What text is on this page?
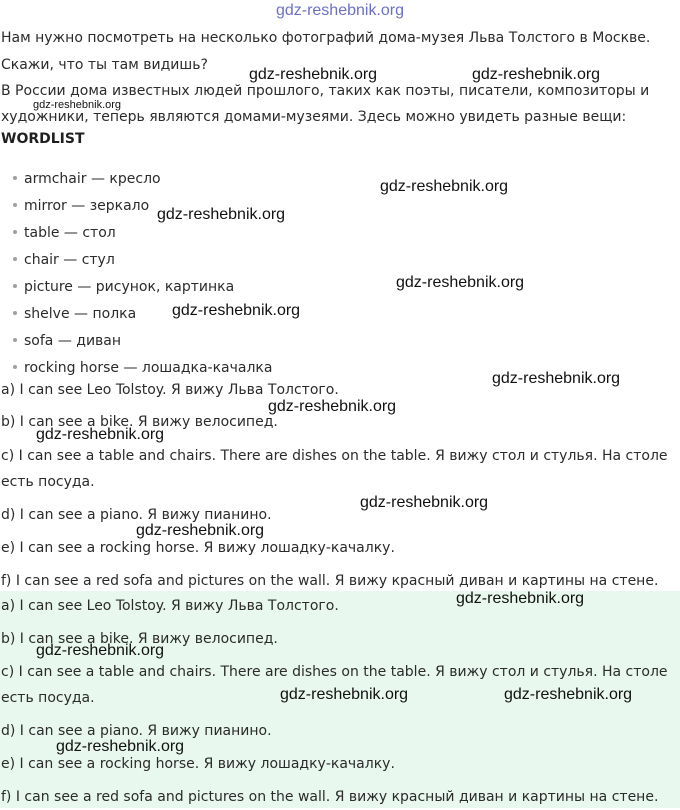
gdz-reshebnik.org

Нам нужно посмотреть на несколько фотографий дома-музея Льва Толстого в Москве.

Скажи, что ты там видишь?

В России дома известных людей прошлого, таких как поэты, писатели, композиторы и

художники, теперь являются домами-музеями. Здесь можно увидеть разные вещи:

WORDLIST
armchair — кресло
mirror — зеркало
table — стол
chair — стул
picture — рисунок, картинка
shelve — полка
sofa — диван
rocking horse — лошадка-качалка

a) I can see Leo Tolstoy. Я вижу Льва Толстого.

b) I can see a bike. Я вижу велосипед.

c) I can see a table and chairs. There are dishes on the table. Я вижу стол и стулья. На столе

есть посуда.

d) I can see a piano. Я вижу пианино.

e) I can see a rocking horse. Я вижу лошадку-качалку.

f) I can see a red sofa and pictures on the wall. Я вижу красный диван и картины на стене.

a) I can see Leo Tolstoy. Я вижу Льва Толстого.

b) I can see a bike. Я вижу велосипед.

c) I can see a table and chairs. There are dishes on the table. Я вижу стол и стулья. На столе

есть посуда.

d) I can see a piano. Я вижу пианино.

e) I can see a rocking horse. Я вижу лошадку-качалку.

f) I can see a red sofa and pictures on the wall. Я вижу красный диван и картины на стене.

gdz-reshebnik.org	gdz-reshebnik.org
gdz-reshebnik.org
gdz-reshebnik.org
gdz-reshebnik.org
gdz-reshebnik.org
gdz-reshebnik.org
gdz-reshebnik.org
gdz-reshebnik.org
gdz-reshebnik.org
gdz-reshebnik.org
gdz-reshebnik.org
gdz-reshebnik.org
gdz-reshebnik.org
gdz-reshebnik.org	gdz-reshebnik.org
gdz-reshebnik.org
